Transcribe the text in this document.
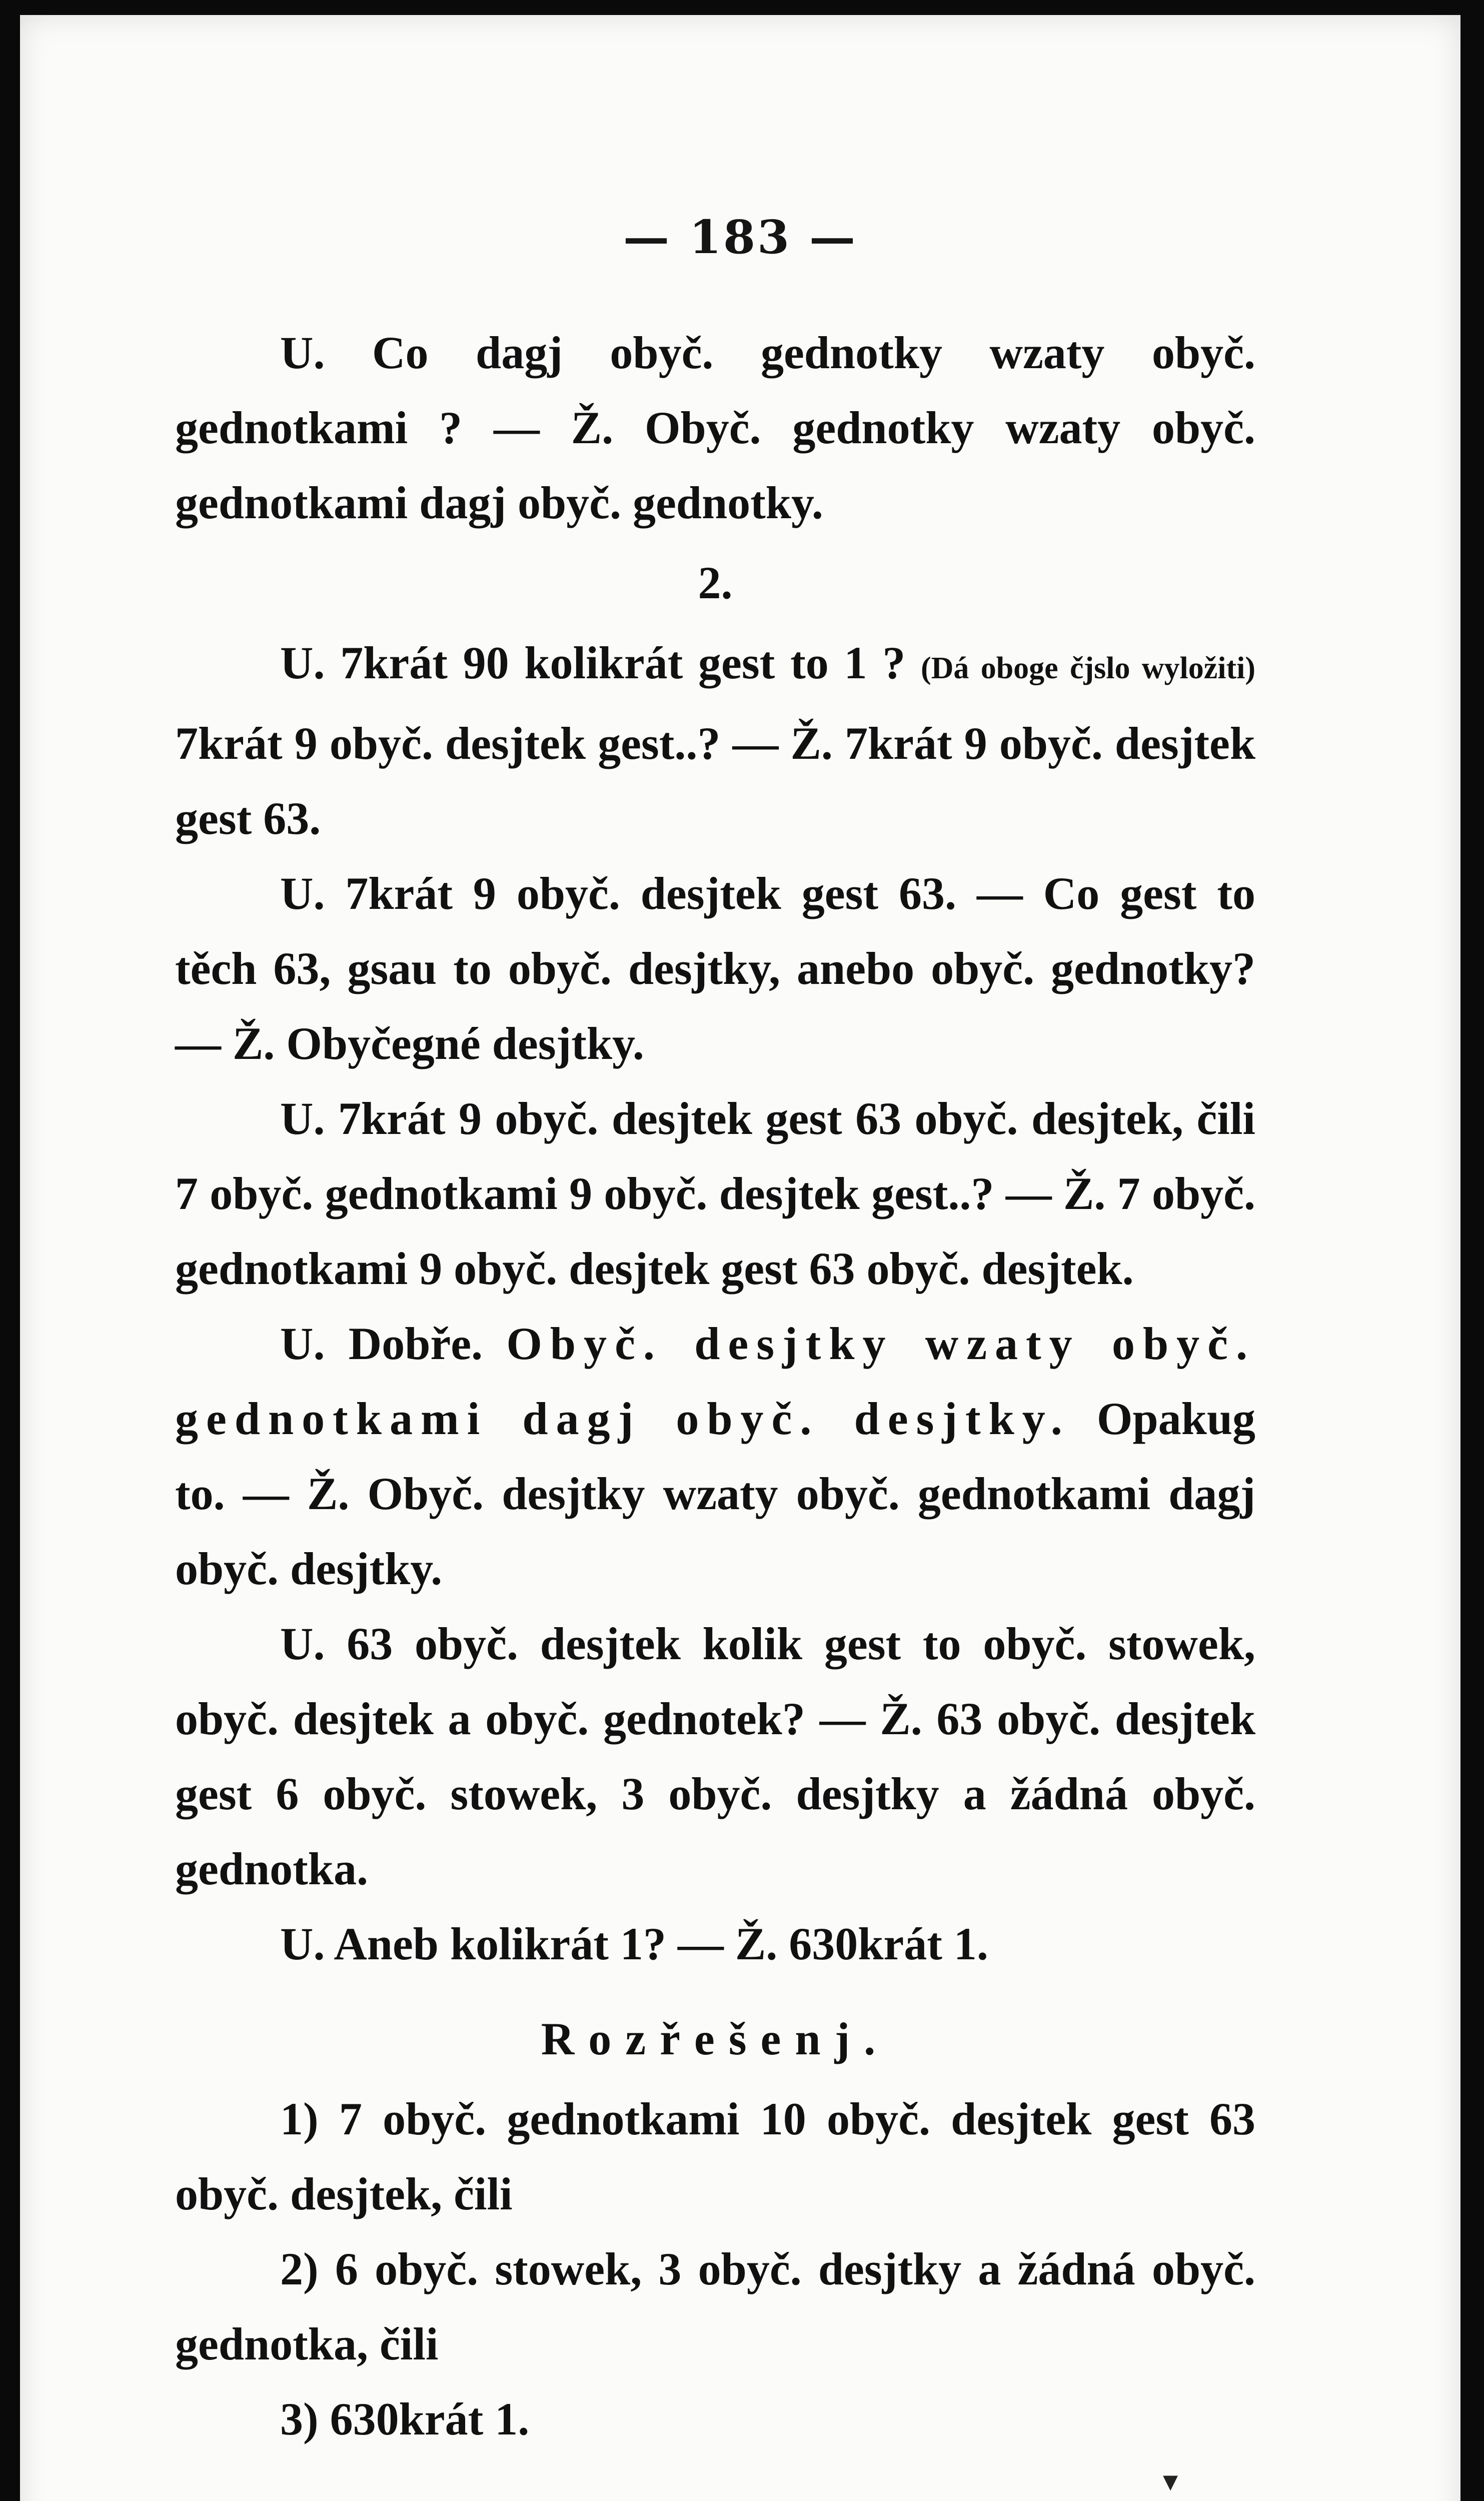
— 183 —

U. Co dagj obyč. gednotky wzaty obyč. gednotkami ? — Ž. Obyč. gednotky wzaty obyč. gednotkami dagj obyč. gednotky.

2.

U. 7krát 90 kolikrát gest to 1 ? (Dá oboge čjslo wyložiti) 7krát 9 obyč. desjtek gest..? — Ž. 7krát 9 obyč. desjtek gest 63.

U. 7krát 9 obyč. desjtek gest 63. — Co gest to těch 63, gsau to obyč. desjtky, anebo obyč. gednotky? — Ž. Obyčegné desjtky.

U. 7krát 9 obyč. desjtek gest 63 obyč. desjtek, čili 7 obyč. gednotkami 9 obyč. desjtek gest..? — Ž. 7 obyč. gednotkami 9 obyč. desjtek gest 63 obyč. desjtek.

U. Dobře. Obyč. desjtky wzaty obyč. gednotkami dagj obyč. desjtky. Opakug to. — Ž. Obyč. desjtky wzaty obyč. gednotkami dagj obyč. desjtky.

U. 63 obyč. desjtek kolik gest to obyč. stowek, obyč. desjtek a obyč. gednotek? — Ž. 63 obyč. desjtek gest 6 obyč. stowek, 3 obyč. desjtky a žádná obyč. gednotka.

U. Aneb kolikrát 1? — Ž. 630krát 1.

Rozřešenj.

1) 7 obyč. gednotkami 10 obyč. desjtek gest 63 obyč. desjtek, čili

2) 6 obyč. stowek, 3 obyč. desjtky a žádná obyč. gednotka, čili

3) 630krát 1.

▾
